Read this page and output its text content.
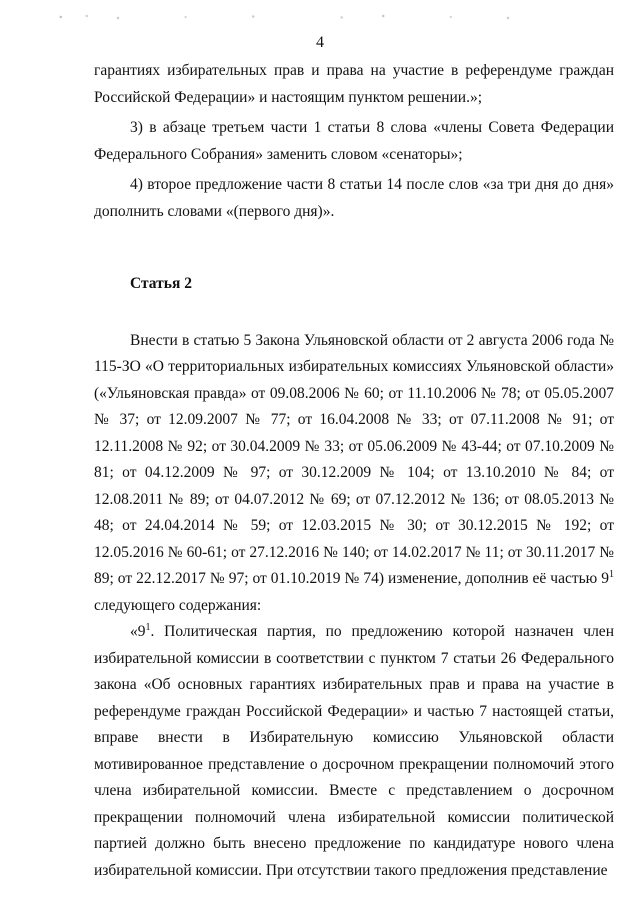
4

гарантиях избирательных прав и права на участие в референдуме граждан Российской Федерации» и настоящим пунктом решении.»;

3) в абзаце третьем части 1 статьи 8 слова «члены Совета Федерации Федерального Собрания» заменить словом «сенаторы»;

4) второе предложение части 8 статьи 14 после слов «за три дня до дня» дополнить словами «(первого дня)».

Статья 2

Внести в статью 5 Закона Ульяновской области от 2 августа 2006 года № 115-ЗО «О территориальных избирательных комиссиях Ульяновской области» («Ульяновская правда» от 09.08.2006 № 60; от 11.10.2006 № 78; от 05.05.2007 № 37; от 12.09.2007 № 77; от 16.04.2008 № 33; от 07.11.2008 № 91; от 12.11.2008 № 92; от 30.04.2009 № 33; от 05.06.2009 № 43-44; от 07.10.2009 № 81; от 04.12.2009 № 97; от 30.12.2009 № 104; от 13.10.2010 № 84; от 12.08.2011 № 89; от 04.07.2012 № 69; от 07.12.2012 № 136; от 08.05.2013 № 48; от 24.04.2014 № 59; от 12.03.2015 № 30; от 30.12.2015 № 192; от 12.05.2016 № 60-61; от 27.12.2016 № 140; от 14.02.2017 № 11; от 30.11.2017 № 89; от 22.12.2017 № 97; от 01.10.2019 № 74) изменение, дополнив её частью $9^1$ следующего содержания:

«$9^1$. Политическая партия, по предложению которой назначен член избирательной комиссии в соответствии с пунктом 7 статьи 26 Федерального закона «Об основных гарантиях избирательных прав и права на участие в референдуме граждан Российской Федерации» и частью 7 настоящей статьи, вправе внести в Избирательную комиссию Ульяновской области мотивированное представление о досрочном прекращении полномочий этого члена избирательной комиссии. Вместе с представлением о досрочном прекращении полномочий члена избирательной комиссии политической партией должно быть внесено предложение по кандидатуре нового члена избирательной комиссии. При отсутствии такого предложения представление
